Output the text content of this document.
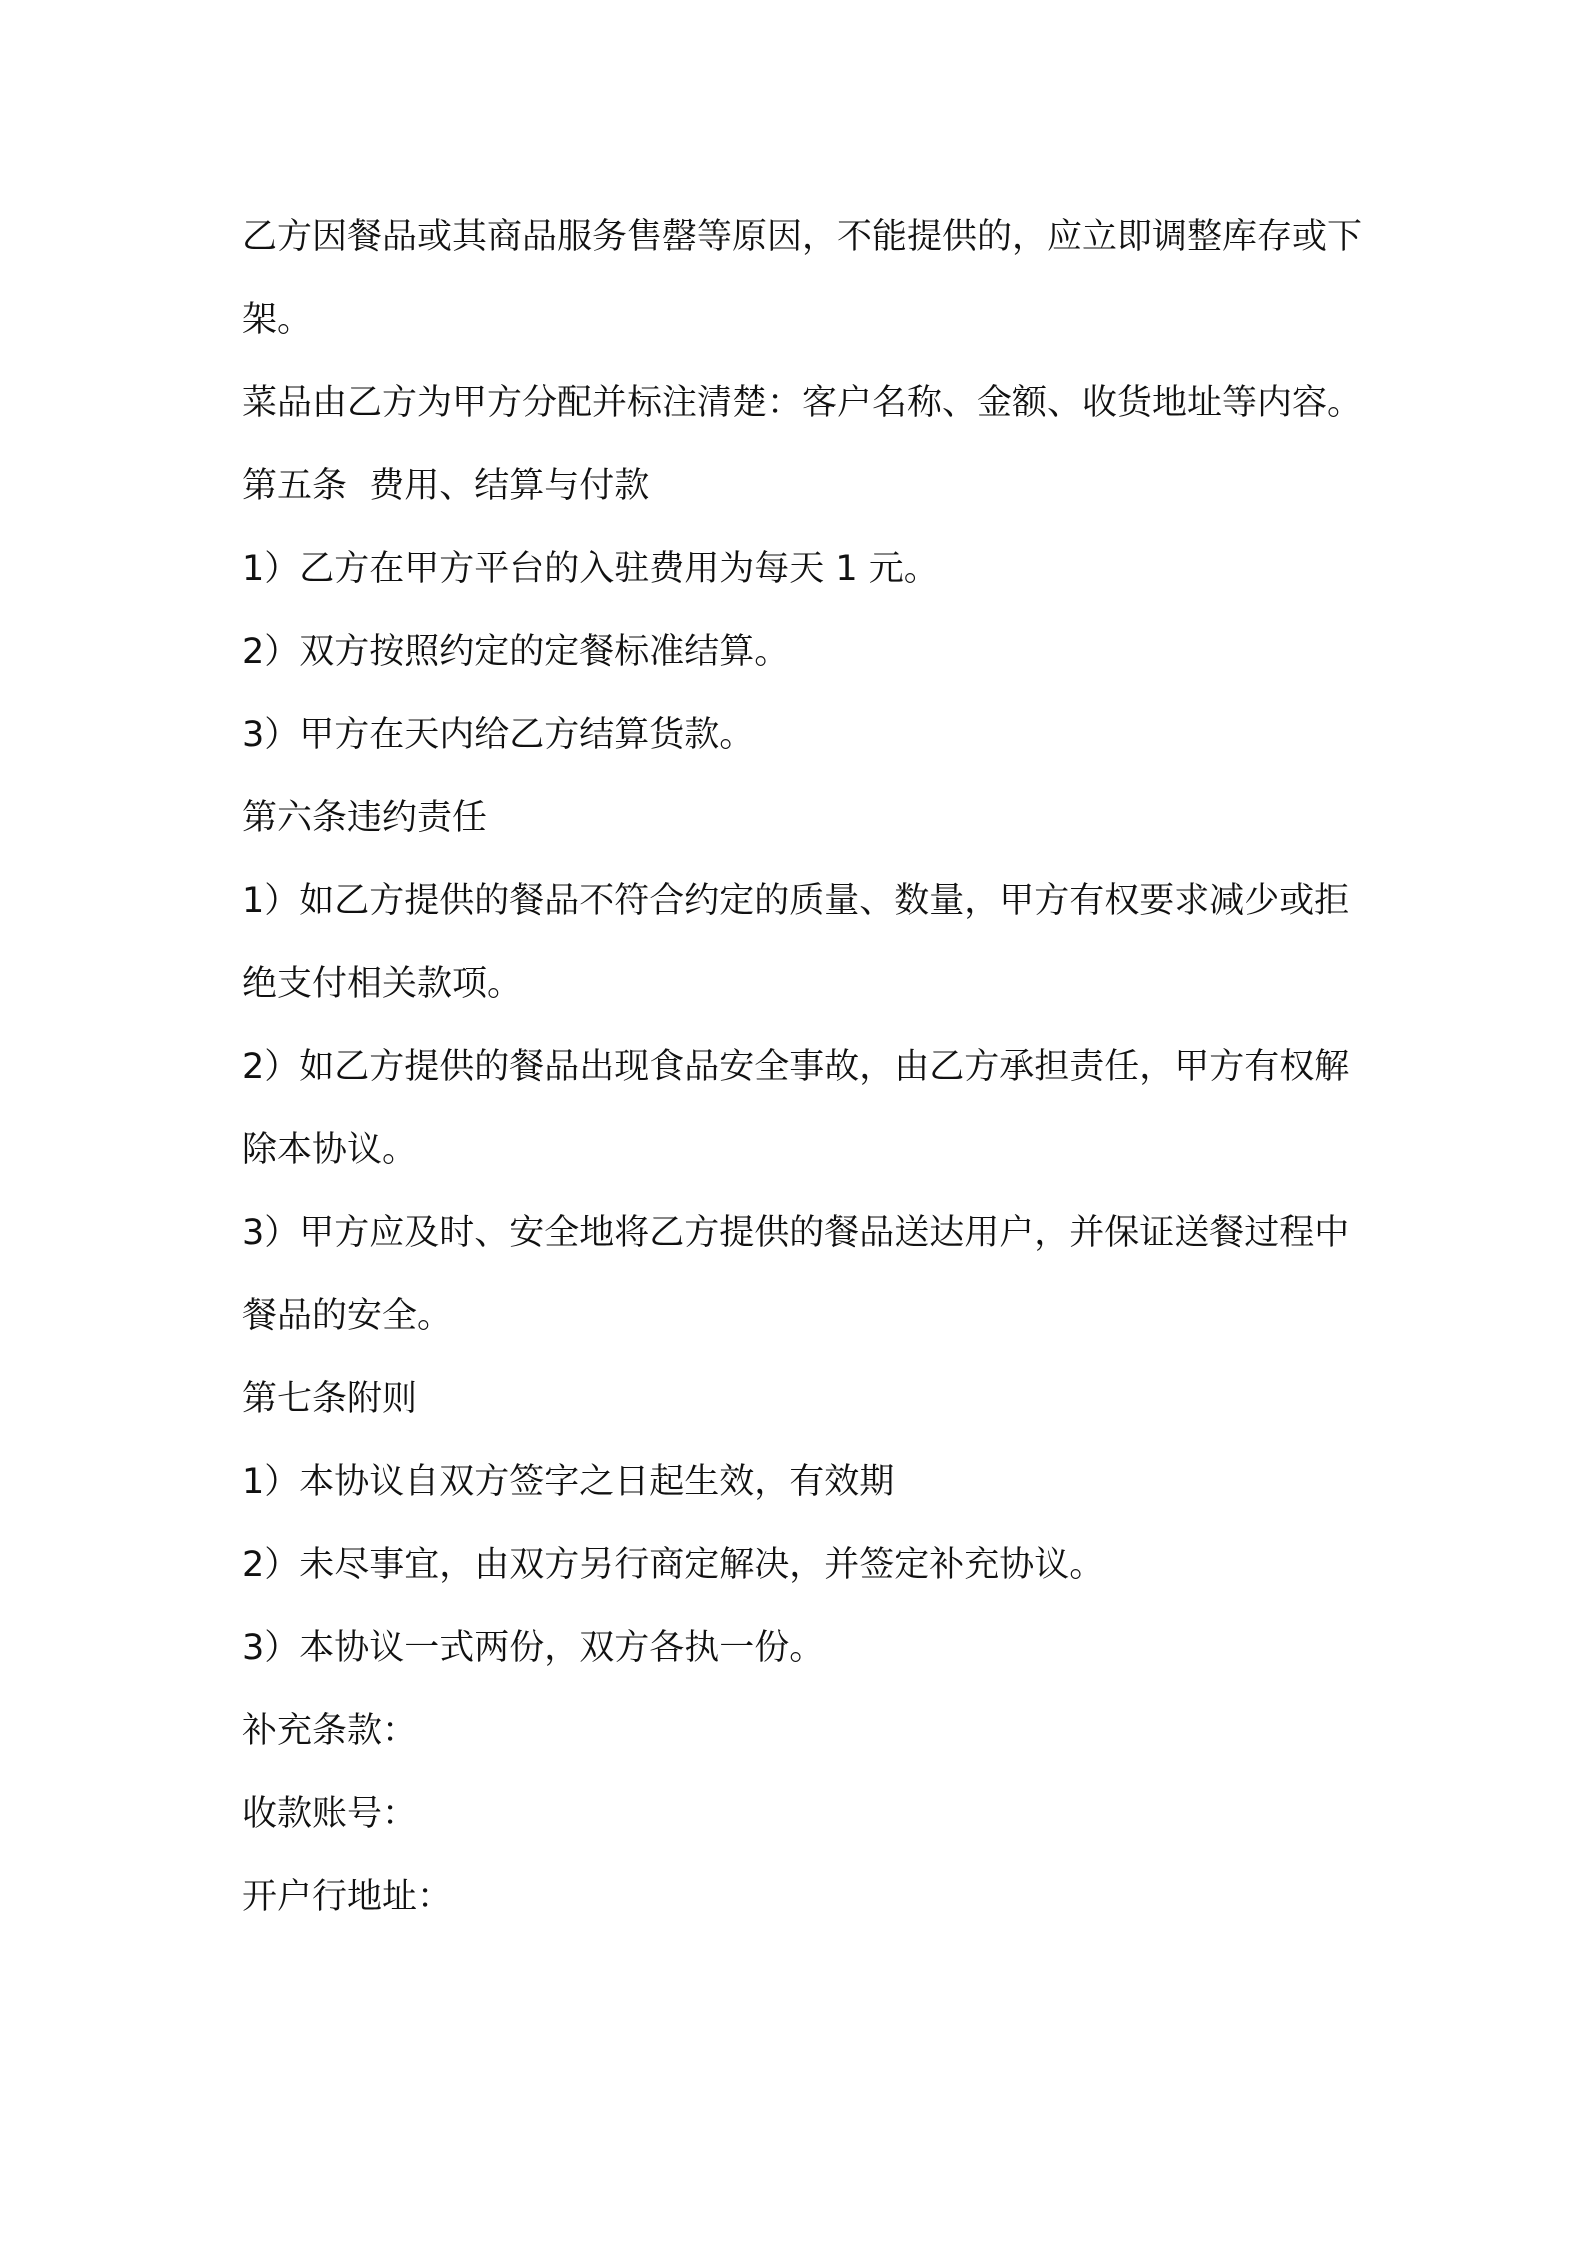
乙方因餐品或其商品服务售罄等原因，不能提供的，应立即调整库存或下架。

菜品由乙方为甲方分配并标注清楚：客户名称、金额、收货地址等内容。

第五条  费用、结算与付款

1）乙方在甲方平台的入驻费用为每天 1 元。

2）双方按照约定的定餐标准结算。

3）甲方在天内给乙方结算货款。

第六条违约责任

1）如乙方提供的餐品不符合约定的质量、数量，甲方有权要求减少或拒绝支付相关款项。

2）如乙方提供的餐品出现食品安全事故，由乙方承担责任，甲方有权解除本协议。

3）甲方应及时、安全地将乙方提供的餐品送达用户，并保证送餐过程中餐品的安全。

第七条附则

1）本协议自双方签字之日起生效，有效期

2）未尽事宜，由双方另行商定解决，并签定补充协议。

3）本协议一式两份，双方各执一份。

补充条款：

收款账号：

开户行地址：
